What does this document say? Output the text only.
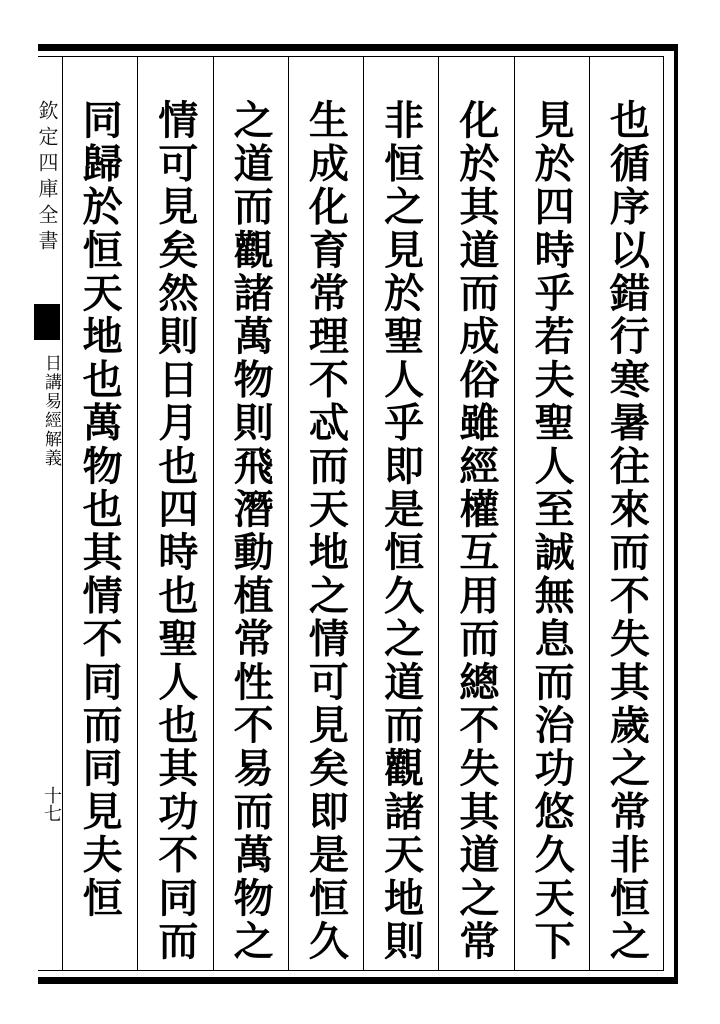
欽定四庫全書
日講易經解義
十七	也循序以錯行寒暑往來而不失其歲之常非恒之
見於四時乎若夫聖人至誠無息而治功悠久天下
化於其道而成俗雖經權互用而總不失其道之常
非恒之見於聖人乎即是恒久之道而觀諸天地則
生成化育常理不忒而天地之情可見矣即是恒久
之道而觀諸萬物則飛潛動植常性不易而萬物之
情可見矣然則日月也四時也聖人也其功不同而
同歸於恒天地也萬物也其情不同而同見夫恒
